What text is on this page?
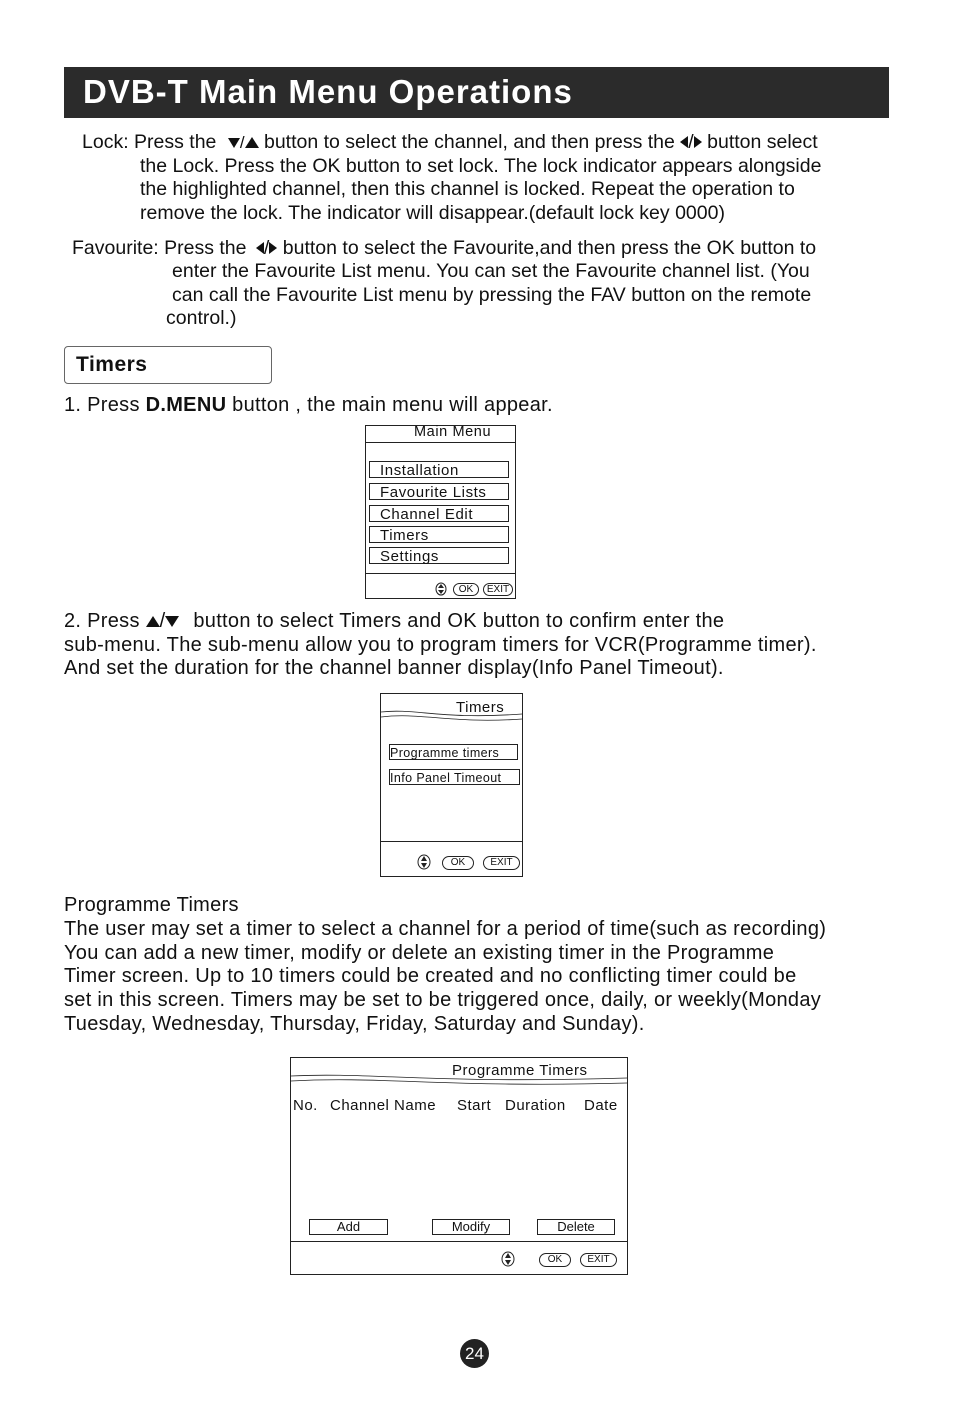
DVB-T Main Menu Operations
Lock: Press the / button to select the channel, and then press the / button select
the Lock. Press the OK button to set lock. The lock indicator appears alongside
the highlighted channel, then this channel is locked. Repeat the operation to
remove the lock. The indicator will disappear.(default lock key 0000)
Favourite: Press the / button to select the Favourite,and then press the OK button to
enter the Favourite List menu. You can set the Favourite channel list. (You
can call the Favourite List menu by pressing the FAV button on the remote
control.)
Timers
1. Press D.MENU button , the main menu will appear.
Main Menu
Installation
Favourite Lists
Channel Edit
Timers
Settings
OK	EXIT
2. Press / button to select Timers and OK button to confirm enter the
sub-menu. The sub-menu allow you to program timers for VCR(Programme timer).
And set the duration for the channel banner display(Info Panel Timeout).
Timers
Programme timers
Info Panel Timeout
OK	EXIT
Programme Timers
The user may set a timer to select a channel for a period of time(such as recording)
You can add a new timer, modify or delete an existing timer in the Programme
Timer screen. Up to 10 timers could be created and no conflicting timer could be
set in this screen. Timers may be set to be triggered once, daily, or weekly(Monday
Tuesday, Wednesday, Thursday, Friday, Saturday and Sunday).
Programme Timers
No. Channel Name Start Duration Date
Add	Modify	Delete
OK	EXIT
24
